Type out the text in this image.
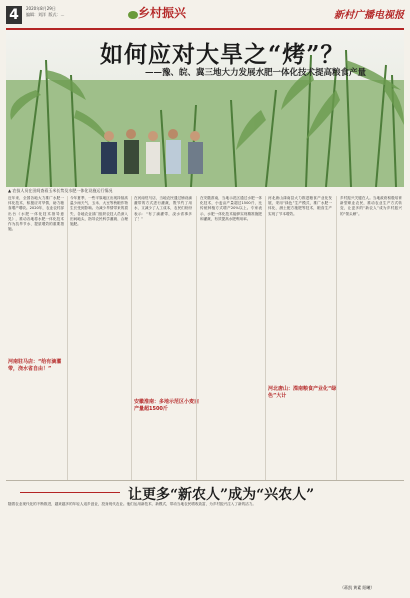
4	2020年8月29日
编辑：刘洋  版式：…	乡村振兴	新村广播电视报
如何应对大旱之“烤”？
——豫、皖、冀三地大力发展水肥一体化技术提高粮食产量
▲ 农技人员在田间查看玉米长势及水肥一体化设施运行情况
近年来，全国各地大力推广水肥一体化技术，积极应对旱情，助力粮食增产增收。2020年，农业农村部出台《水肥一体化技术指导意见》，推动各地将水肥一体化技术作为抗旱节水、提质增效的重要措施。
河南驻马店：“给有滴灌带，浇水省自由！”
今年夏季，一些平原地区出现持续高温少雨天气，玉米、大豆等秋粮作物生长受到影响。为减少旱情带来的损失，各地农业部门组织农技人员深入田间地头，指导农民科学灌溉、合理施肥。
在河南驻马店，当地农民通过铺设滴灌带的方式进行灌溉，既节约了用水，又减少了人工成本，农民们纷纷表示：“有了滴灌带，浇水省事多了！”
安徽淮南：多地示范区小麦亩产量超1500斤
在安徽淮南，当地示范区通过水肥一体化技术，小麦亩产量超过1500斤，比传统种植方式增产20%以上。专家表示，水肥一体化技术能够实现精准施肥和灌溉，有效提高水肥利用率。
河北唐山滦南县大力推进粮食产业化发展，采用“绿色”生产模式，推广水肥一体化、测土配方施肥等技术，粮食生产实现了节本增效。
河北唐山：滦南粮食产业化“绿色”大计
乡村振兴关键在人。当地政府积极培育新型职业农民，推动农业生产方式转变，让更多的“新农人”成为乡村振兴的“领头雁”。
让更多“新农人”成为“兴农人”
随着农业现代化的不断推进，越来越多的年轻人返乡创业，投身现代农业。他们运用新技术、新模式，带动当地农民增收致富，为乡村振兴注入了新的活力。
（蒋凯 黄素 阳曦）
